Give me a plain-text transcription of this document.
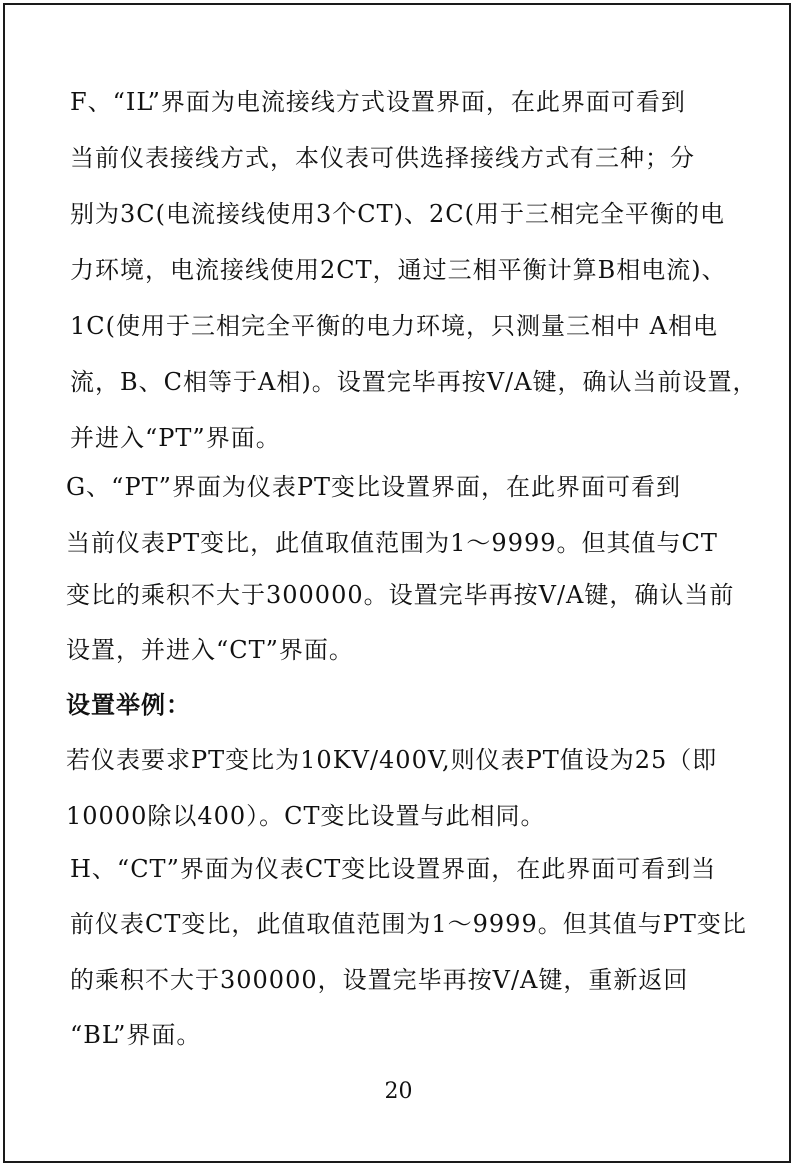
F、“IL”界面为电流接线方式设置界面，在此界面可看到
当前仪表接线方式，本仪表可供选择接线方式有三种；分
别为3C(电流接线使用3个CT)、2C(用于三相完全平衡的电
力环境，电流接线使用2CT，通过三相平衡计算B相电流)、
1C(使用于三相完全平衡的电力环境，只测量三相中 A相电
流，B、C相等于A相)。设置完毕再按V/A键，确认当前设置，
并进入“PT”界面。
G、“PT”界面为仪表PT变比设置界面，在此界面可看到
当前仪表PT变比，此值取值范围为1～9999。但其值与CT
变比的乘积不大于300000。设置完毕再按V/A键，确认当前
设置，并进入“CT”界面。
设置举例：
若仪表要求PT变比为10KV/400V,则仪表PT值设为25（即
10000除以400）。CT变比设置与此相同。
H、“CT”界面为仪表CT变比设置界面，在此界面可看到当
前仪表CT变比，此值取值范围为1～9999。但其值与PT变比
的乘积不大于300000，设置完毕再按V/A键，重新返回
“BL”界面。
20
